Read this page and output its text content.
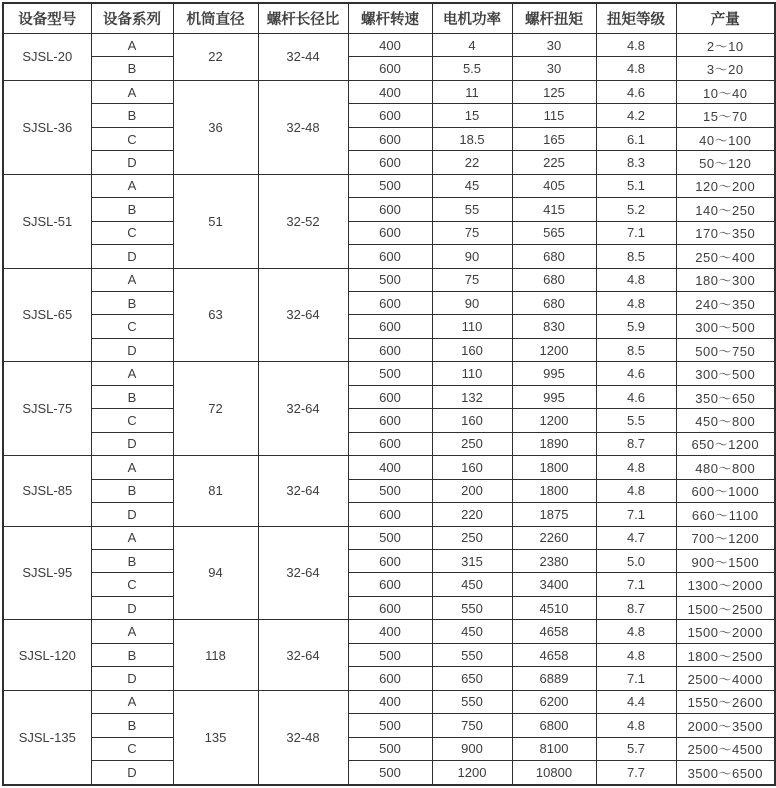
设备型号	设备系列	机筒直径	螺杆长径比	螺杆转速	电机功率	螺杆扭矩	扭矩等级	产量
SJSL-20	A	22	32-44	400	4	30	4.8	2～10
	B			600	5.5	30	4.8	3～20
SJSL-36	A	36	32-48	400	11	125	4.6	10～40
	B			600	15	115	4.2	15～70
	C			600	18.5	165	6.1	40～100
	D			600	22	225	8.3	50～120
SJSL-51	A	51	32-52	500	45	405	5.1	120～200
	B			600	55	415	5.2	140～250
	C			600	75	565	7.1	170～350
	D			600	90	680	8.5	250～400
SJSL-65	A	63	32-64	500	75	680	4.8	180～300
	B			600	90	680	4.8	240～350
	C			600	110	830	5.9	300～500
	D			600	160	1200	8.5	500～750
SJSL-75	A	72	32-64	500	110	995	4.6	300～500
	B			600	132	995	4.6	350～650
	C			600	160	1200	5.5	450～800
	D			600	250	1890	8.7	650～1200
SJSL-85	A	81	32-64	400	160	1800	4.8	480～800
	B			500	200	1800	4.8	600～1000
	D			600	220	1875	7.1	660～1100
SJSL-95	A	94	32-64	500	250	2260	4.7	700～1200
	B			600	315	2380	5.0	900～1500
	C			600	450	3400	7.1	1300～2000
	D			600	550	4510	8.7	1500～2500
SJSL-120	A	118	32-64	400	450	4658	4.8	1500～2000
	B			500	550	4658	4.8	1800～2500
	D			600	650	6889	7.1	2500～4000
SJSL-135	A	135	32-48	400	550	6200	4.4	1550～2600
	B			500	750	6800	4.8	2000～3500
	C			500	900	8100	5.7	2500～4500
	D			500	1200	10800	7.7	3500～6500
